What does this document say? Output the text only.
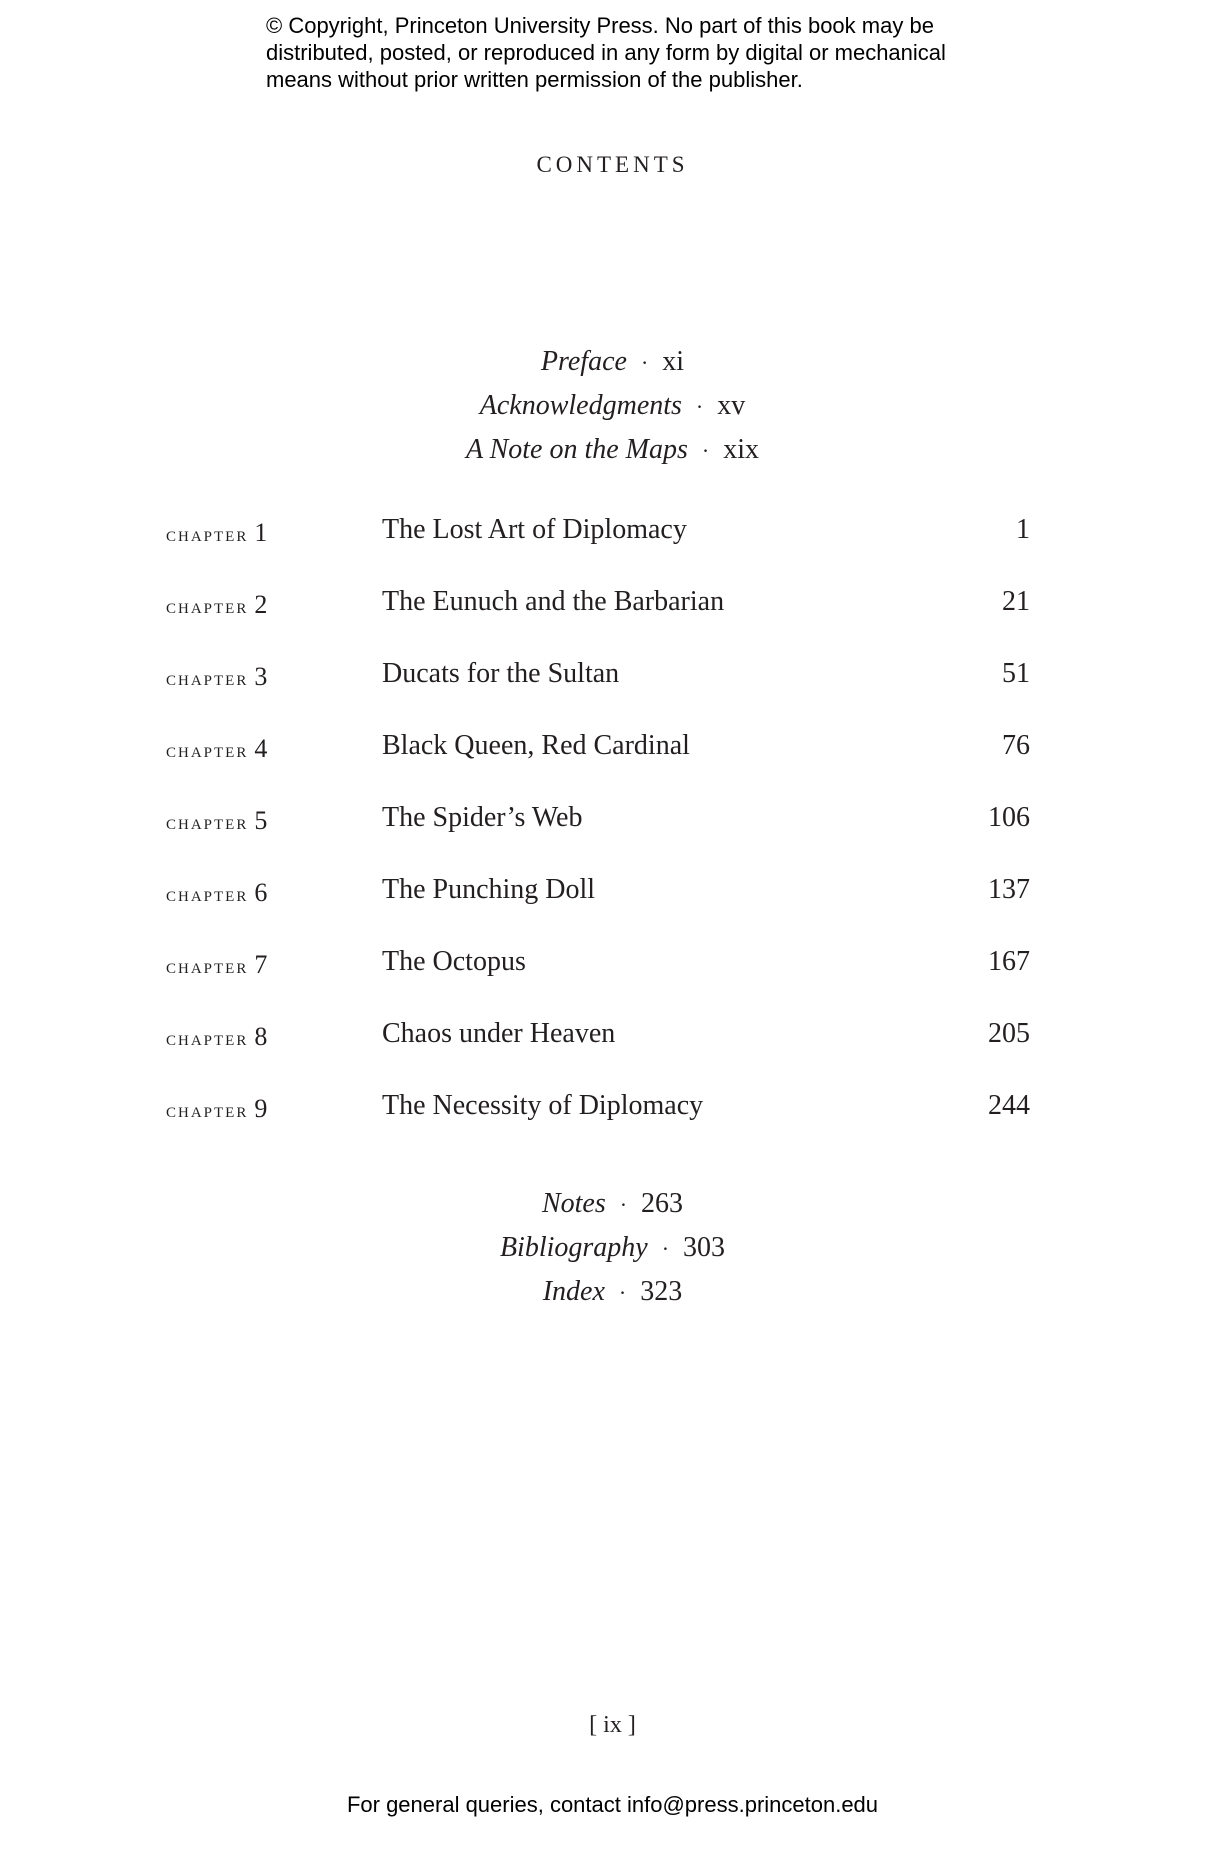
© Copyright, Princeton University Press. No part of this book may be distributed, posted, or reproduced in any form by digital or mechanical means without prior written permission of the publisher.
CONTENTS
Preface · xi
Acknowledgments · xv
A Note on the Maps · xix
chapter 1	The Lost Art of Diplomacy	1
chapter 2	The Eunuch and the Barbarian	21
chapter 3	Ducats for the Sultan	51
chapter 4	Black Queen, Red Cardinal	76
chapter 5	The Spider’s Web	106
chapter 6	The Punching Doll	137
chapter 7	The Octopus	167
chapter 8	Chaos under Heaven	205
chapter 9	The Necessity of Diplomacy	244
Notes · 263
Bibliography · 303
Index · 323
[ ix ]
For general queries, contact info@press.princeton.edu
